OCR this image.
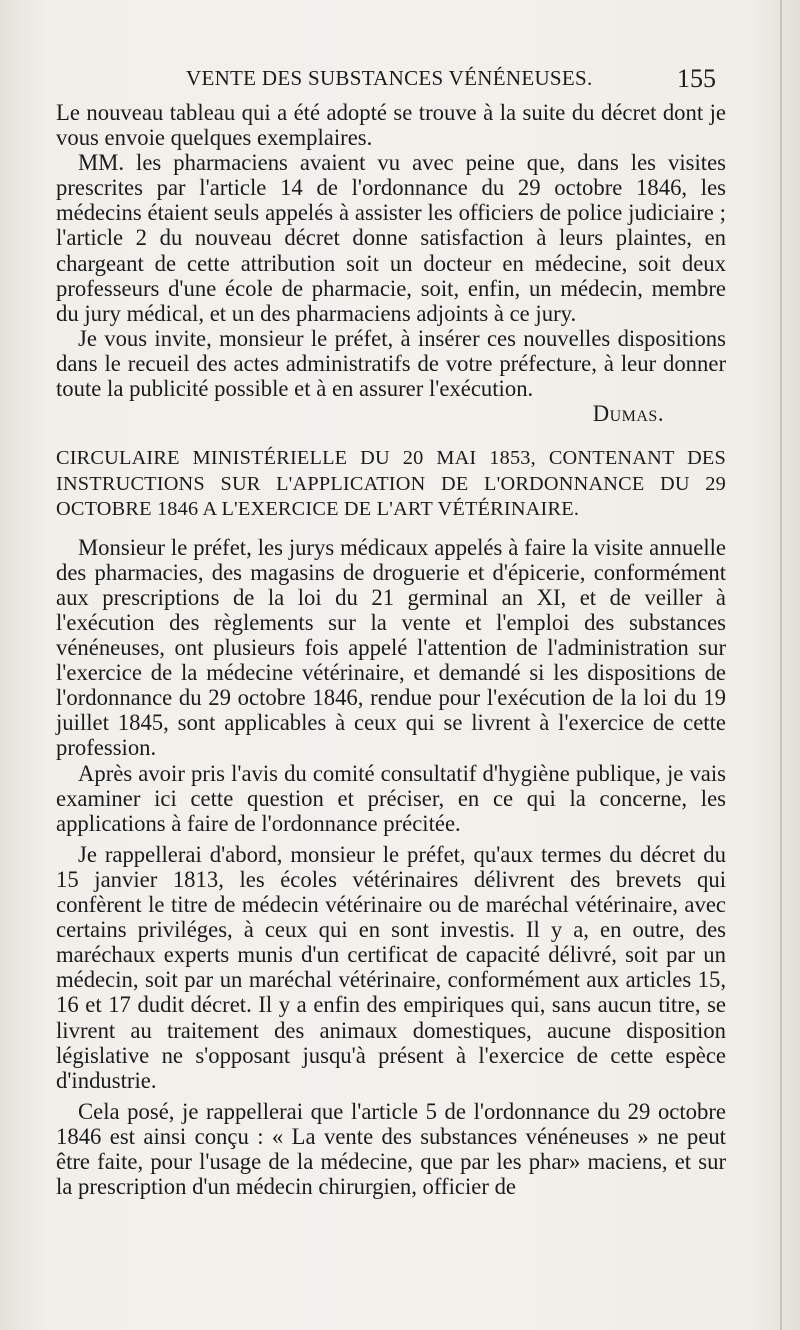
VENTE DES SUBSTANCES VÉNÉNEUSES.	155

Le nouveau tableau qui a été adopté se trouve à la suite du décret dont je vous envoie quelques exemplaires.

MM. les pharmaciens avaient vu avec peine que, dans les visites prescrites par l'article 14 de l'ordonnance du 29 octobre 1846, les médecins étaient seuls appelés à assister les officiers de police judiciaire ; l'article 2 du nouveau décret donne satisfaction à leurs plaintes, en chargeant de cette attribution soit un docteur en médecine, soit deux professeurs d'une école de pharmacie, soit, enfin, un médecin, membre du jury médical, et un des pharmaciens adjoints à ce jury.

Je vous invite, monsieur le préfet, à insérer ces nouvelles dispositions dans le recueil des actes administratifs de votre préfecture, à leur donner toute la publicité possible et à en assurer l'exécution.

Dumas.

CIRCULAIRE MINISTÉRIELLE DU 20 MAI 1853, CONTENANT DES INSTRUCTIONS SUR L'APPLICATION DE L'ORDONNANCE DU 29 OCTOBRE 1846 A L'EXERCICE DE L'ART VÉTÉRINAIRE.

Monsieur le préfet, les jurys médicaux appelés à faire la visite annuelle des pharmacies, des magasins de droguerie et d'épicerie, conformément aux prescriptions de la loi du 21 germinal an XI, et de veiller à l'exécution des règlements sur la vente et l'emploi des substances vénéneuses, ont plusieurs fois appelé l'attention de l'administration sur l'exercice de la médecine vétérinaire, et demandé si les dispositions de l'ordonnance du 29 octobre 1846, rendue pour l'exécution de la loi du 19 juillet 1845, sont applicables à ceux qui se livrent à l'exercice de cette profession.

Après avoir pris l'avis du comité consultatif d'hygiène publique, je vais examiner ici cette question et préciser, en ce qui la concerne, les applications à faire de l'ordonnance précitée.

Je rappellerai d'abord, monsieur le préfet, qu'aux termes du décret du 15 janvier 1813, les écoles vétérinaires délivrent des brevets qui confèrent le titre de médecin vétérinaire ou de maréchal vétérinaire, avec certains priviléges, à ceux qui en sont investis. Il y a, en outre, des maréchaux experts munis d'un certificat de capacité délivré, soit par un médecin, soit par un maréchal vétérinaire, conformément aux articles 15, 16 et 17 dudit décret. Il y a enfin des empiriques qui, sans aucun titre, se livrent au traitement des animaux domestiques, aucune disposition législative ne s'opposant jusqu'à présent à l'exercice de cette espèce d'industrie.

Cela posé, je rappellerai que l'article 5 de l'ordonnance du 29 octobre 1846 est ainsi conçu : « La vente des substances vénéneuses » ne peut être faite, pour l'usage de la médecine, que par les phar» maciens, et sur la prescription d'un médecin chirurgien, officier de
